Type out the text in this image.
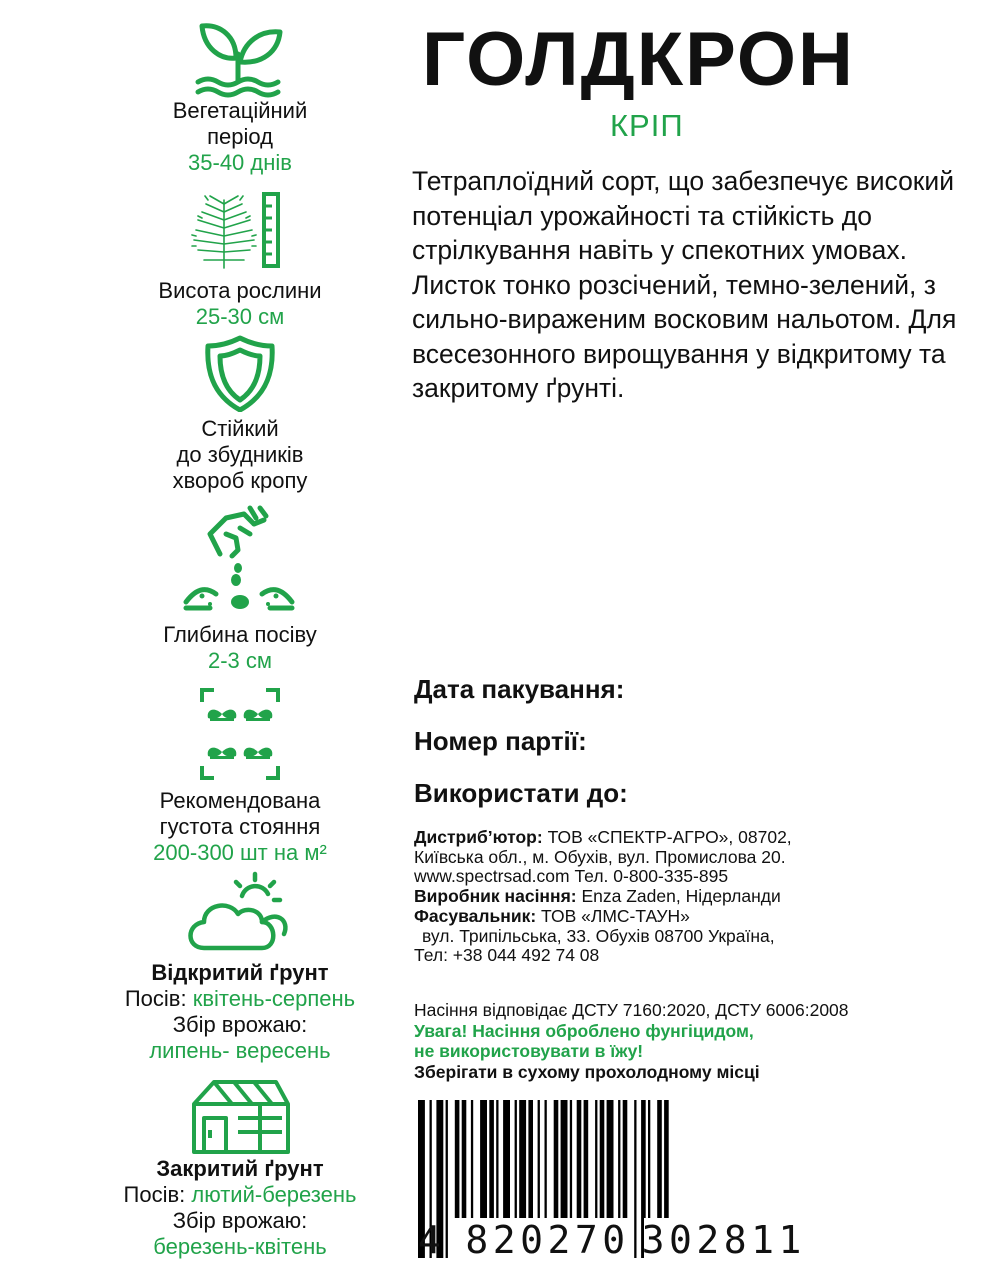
Вегетаційний
період
35-40 днів
Висота рослини
25-30 см
Стійкий
до збудників
хвороб кропу
Глибина посіву
2-3 см
Рекомендована
густота стояння
200-300 шт на м²
Відкритий ґрунт
Посів: квітень-серпень
Збір врожаю:
липень- вересень
Закритий ґрунт
Посів: лютий-березень
Збір врожаю:
березень-квітень
ГОЛДКРОН
КРІП
Тетраплоїдний сорт, що забезпечує високий потенціал урожайності та стійкість до стрілкування навіть у спекотних умовах. Листок тонко розсічений, темно-зелений, з сильно-вираженим восковим нальотом. Для всесезонного вирощування у відкритому та закритому ґрунті.
Дата пакування:
Номер партії:
Використати до:

Дистриб’ютор: ТОВ «СПЕКТР-АГРО», 08702,

Київська обл., м. Обухів, вул. Промислова 20.

www.spectrsad.com Тел. 0-800-335-895

Виробник насіння: Enza Zaden, Нідерланди

Фасувальник: ТОВ «ЛМС-ТАУН»

вул. Трипільська, 33. Обухів 08700 Україна,

Тел: +38 044 492 74 08

Насіння відповідає ДСТУ 7160:2020, ДСТУ 6006:2008

Увага! Насіння оброблено фунгіцидом,

не використовувати в їжу!

Зберігати в сухому прохолодному місці

4 820270 302811
